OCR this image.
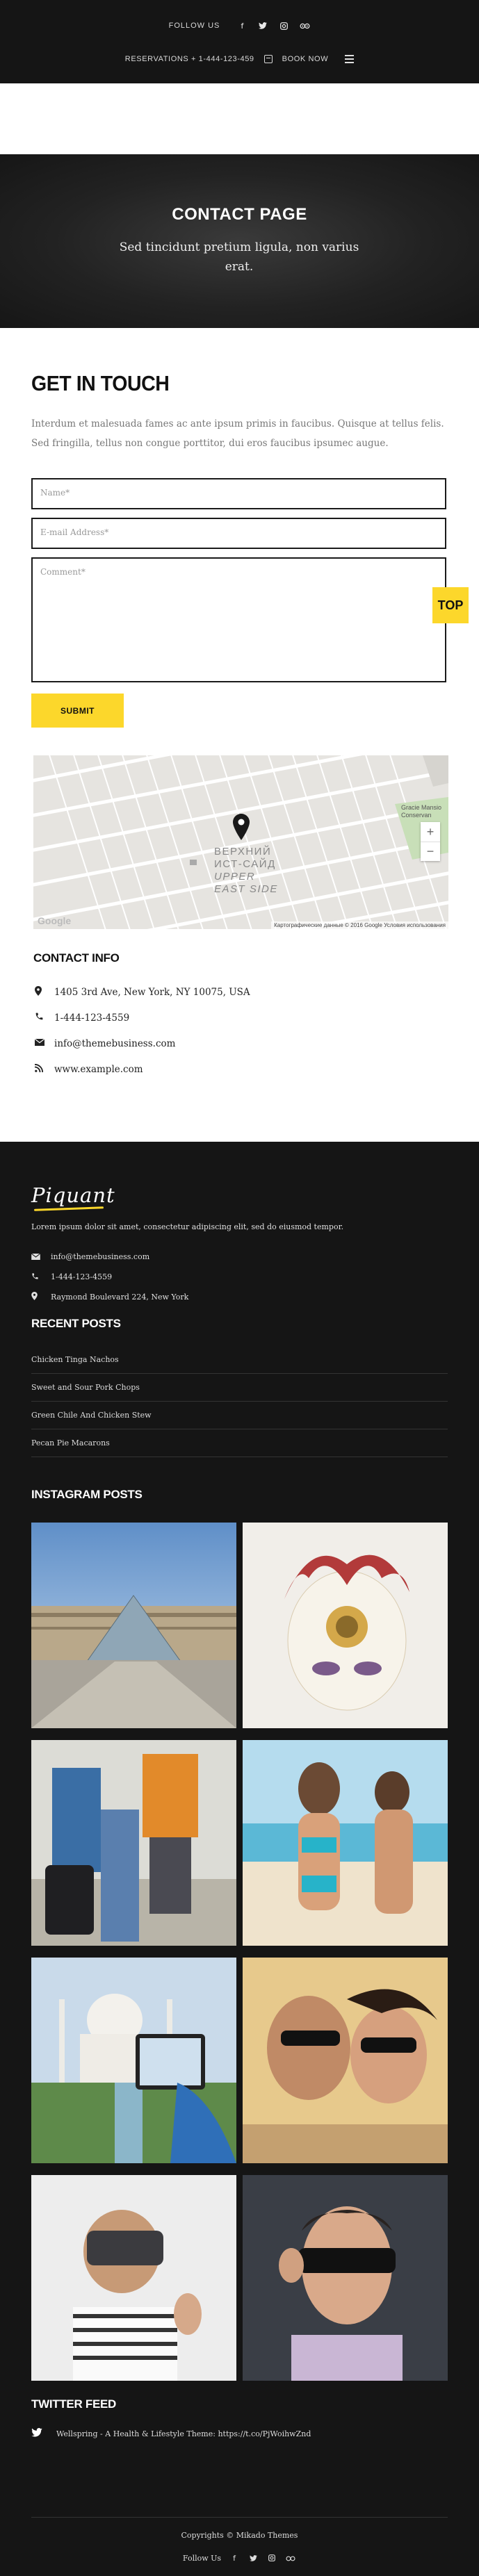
FOLLOW US	f
RESERVATIONS + 1-444-123-459	BOOK NOW
CONTACT PAGE

Sed tincidunt pretium ligula, non varius erat.

GET IN TOUCH

Interdum et malesuada fames ac ante ipsum primis in faucibus. Quisque at tellus felis. Sed fringilla, tellus non congue porttitor, dui eros faucibus ipsumec augue.

Name*
E-mail Address*
Comment*
SUBMIT
ВЕРХНИЙ
ИСТ-САЙД
UPPER
EAST SIDE
Gracie Mansio Conservan
+
−
Google	Картографические данные © 2016 Google Условия использования
CONTACT INFO
1405 3rd Ave, New York, NY 10075, USA
1-444-123-4559
info@themebusiness.com
www.example.com
TOP
Piquant

Lorem ipsum dolor sit amet, consectetur adipiscing elit, sed do eiusmod tempor.

info@themebusiness.com
1-444-123-4559
Raymond Boulevard 224, New York
RECENT POSTS
Chicken Tinga Nachos
Sweet and Sour Pork Chops
Green Chile And Chicken Stew
Pecan Pie Macarons
INSTAGRAM POSTS
TWITTER FEED
Wellspring - A Health & Lifestyle Theme: https://t.co/PjWoihwZnd

Copyrights © Mikado Themes

Follow Us	f
